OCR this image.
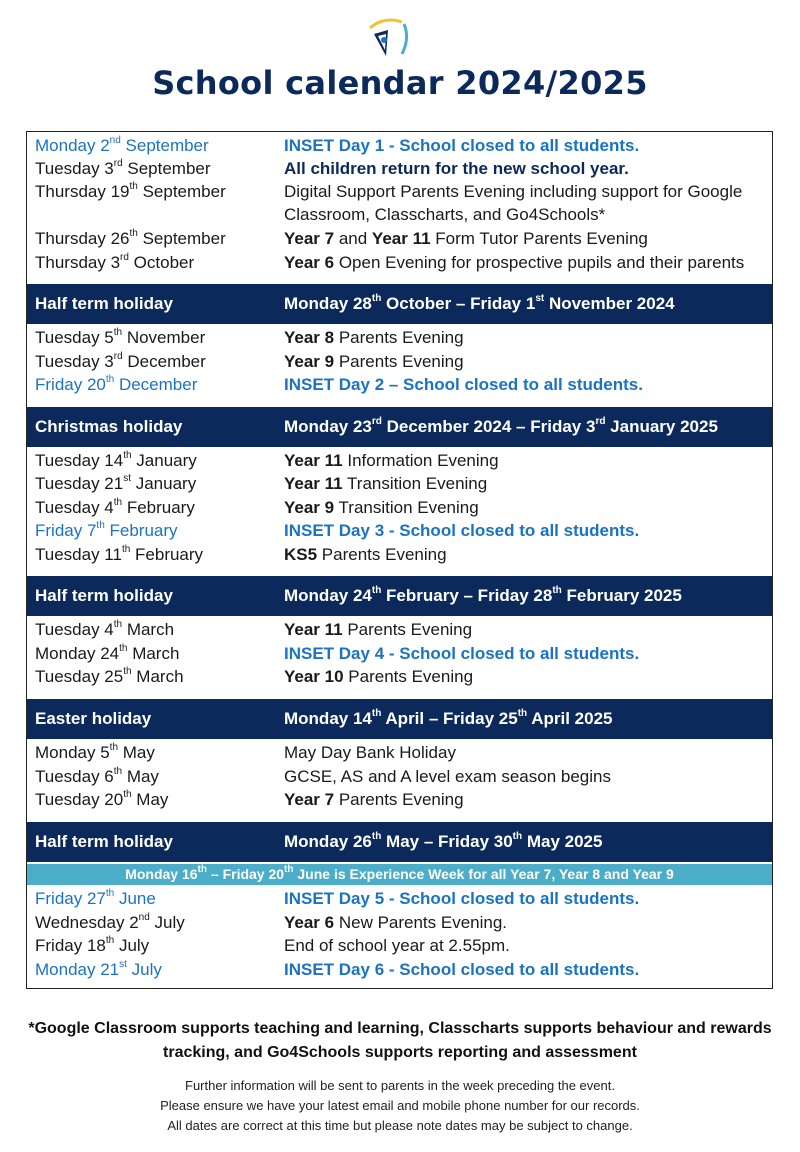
School calendar 2024/2025
Monday 2nd September	INSET Day 1 - School closed to all students.
Tuesday 3rd September	All children return for the new school year.
Thursday 19th September	Digital Support Parents Evening including support for Google Classroom, Classcharts, and Go4Schools*
Thursday 26th September	Year 7 and Year 11 Form Tutor Parents Evening
Thursday 3rd October	Year 6 Open Evening for prospective pupils and their parents
Half term holiday	Monday 28th October – Friday 1st November 2024
Tuesday 5th November	Year 8 Parents Evening
Tuesday 3rd December	Year 9 Parents Evening
Friday 20th December	INSET Day 2 – School closed to all students.
Christmas holiday	Monday 23rd December 2024 – Friday 3rd January 2025
Tuesday 14th January	Year 11 Information Evening
Tuesday 21st January	Year 11 Transition Evening
Tuesday 4th February	Year 9 Transition Evening
Friday 7th February	INSET Day 3 - School closed to all students.
Tuesday 11th February	KS5 Parents Evening
Half term holiday	Monday 24th February – Friday 28th February 2025
Tuesday 4th March	Year 11 Parents Evening
Monday 24th March	INSET Day 4 - School closed to all students.
Tuesday 25th March	Year 10 Parents Evening
Easter holiday	Monday 14th April – Friday 25th April 2025
Monday 5th May	May Day Bank Holiday
Tuesday 6th May	GCSE, AS and A level exam season begins
Tuesday 20th May	Year 7 Parents Evening
Half term holiday	Monday 26th May – Friday 30th May 2025
Monday 16th – Friday 20th June is Experience Week for all Year 7, Year 8 and Year 9
Friday 27th June	INSET Day 5 - School closed to all students.
Wednesday 2nd July	Year 6 New Parents Evening.
Friday 18th July	End of school year at 2.55pm.
Monday 21st July	INSET Day 6 - School closed to all students.
*Google Classroom supports teaching and learning, Classcharts supports behaviour and rewards tracking, and Go4Schools supports reporting and assessment
Further information will be sent to parents in the week preceding the event.
Please ensure we have your latest email and mobile phone number for our records.
All dates are correct at this time but please note dates may be subject to change.
